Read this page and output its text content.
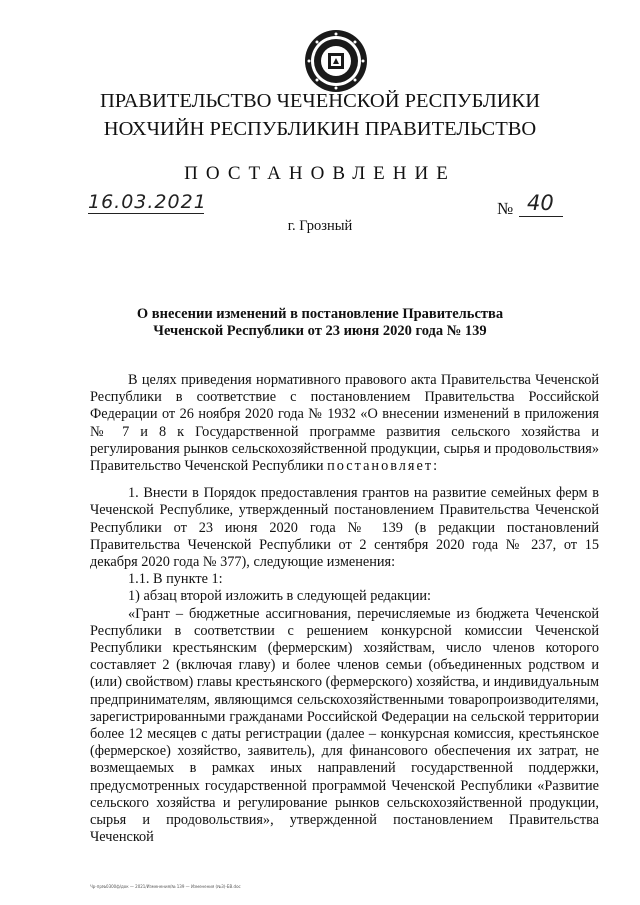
ПРАВИТЕЛЬСТВО ЧЕЧЕНСКОЙ РЕСПУБЛИКИ
НОХЧИЙН РЕСПУБЛИКИН ПРАВИТЕЛЬСТВО
ПОСТАНОВЛЕНИЕ
16.03.2021	№ 40
г. Грозный
О внесении изменений в постановление Правительства
Чеченской Республики от 23 июня 2020 года № 139

В целях приведения нормативного правового акта Правительства Чеченской Республики в соответствие с постановлением Правительства Российской Федерации от 26 ноября 2020 года № 1932 «О внесении изменений в приложения № 7 и 8 к Государственной программе развития сельского хозяйства и регулирования рынков сельскохозяйственной продукции, сырья и продовольствия» Правительство Чеченской Республики постановляет:

1. Внести в Порядок предоставления грантов на развитие семейных ферм в Чеченской Республике, утвержденный постановлением Правительства Чеченской Республики от 23 июня 2020 года № 139 (в редакции постановлений Правительства Чеченской Республики от 2 сентября 2020 года № 237, от 15 декабря 2020 года № 377), следующие изменения:

1.1. В пункте 1:

1) абзац второй изложить в следующей редакции:

«Грант – бюджетные ассигнования, перечисляемые из бюджета Чеченской Республики в соответствии с решением конкурсной комиссии Чеченской Республики крестьянским (фермерским) хозяйствам, число членов которого составляет 2 (включая главу) и более членов семьи (объединенных родством и (или) свойством) главы крестьянского (фермерского) хозяйства, и индивидуальным предпринимателям, являющимся сельскохозяйственными товаропроизводителями, зарегистрированными гражданами Российской Федерации на сельской территории более 12 месяцев с даты регистрации (далее – конкурсная комиссия, крестьянское (фермерское) хозяйство, заявитель), для финансового обеспечения их затрат, не возмещаемых в рамках иных направлений государственной поддержки, предусмотренных государственной программой Чеченской Республики «Развитие сельского хозяйства и регулирование рынков сельскохозяйственной продукции, сырья и продовольствия», утвержденной постановлением Правительства Чеченской

Чр-пр№0300ф/док — 2021/Изменения/№ 139 — Изменения (№3)-БВ.doc
